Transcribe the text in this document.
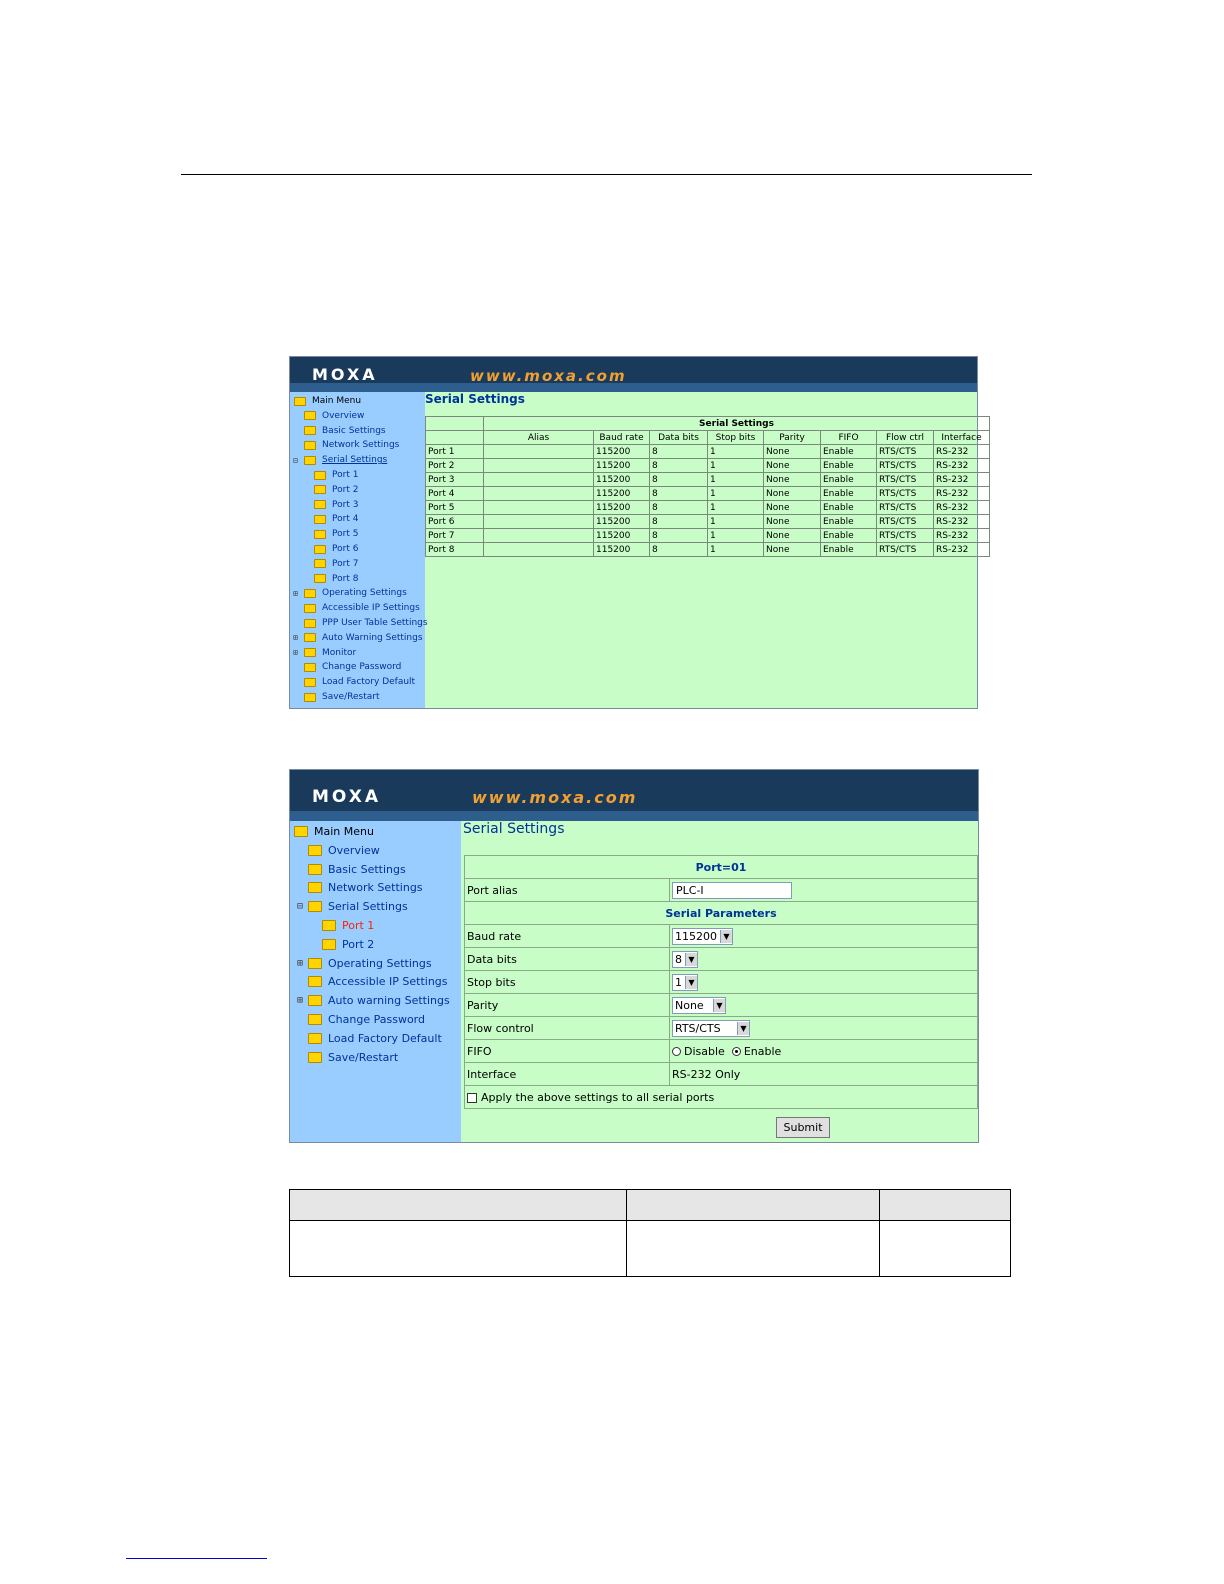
MOXA	www.moxa.com
Main Menu
Overview
Basic Settings
Network Settings
⊟	Serial Settings
Port 1
Port 2
Port 3
Port 4
Port 5
Port 6
Port 7
Port 8
⊞	Operating Settings
Accessible IP Settings
PPP User Table Settings
⊞	Auto Warning Settings
⊞	Monitor
Change Password
Load Factory Default
Save/Restart
Serial Settings
	Serial Settings							
	Alias	Baud rate	Data bits	Stop bits	Parity	FIFO	Flow ctrl	Interface
Port 1		115200	8	1	None	Enable	RTS/CTS	RS-232
Port 2		115200	8	1	None	Enable	RTS/CTS	RS-232
Port 3		115200	8	1	None	Enable	RTS/CTS	RS-232
Port 4		115200	8	1	None	Enable	RTS/CTS	RS-232
Port 5		115200	8	1	None	Enable	RTS/CTS	RS-232
Port 6		115200	8	1	None	Enable	RTS/CTS	RS-232
Port 7		115200	8	1	None	Enable	RTS/CTS	RS-232
Port 8		115200	8	1	None	Enable	RTS/CTS	RS-232
MOXA	www.moxa.com
Main Menu
Overview
Basic Settings
Network Settings
⊟ Serial Settings
Port 1
Port 2
⊞ Operating Settings
Accessible IP Settings
⊞ Auto warning Settings
Change Password
Load Factory Default
Save/Restart
Serial Settings
Port=01	
Port alias	PLC-I
Serial Parameters	
Baud rate	115200 ▼

Data bits	8 ▼

Stop bits	1 ▼

Parity	None ▼

Flow control	RTS/CTS ▼

FIFO	Disable Enable
Interface	RS-232 Only
Apply the above settings to all serial ports	
Submit
